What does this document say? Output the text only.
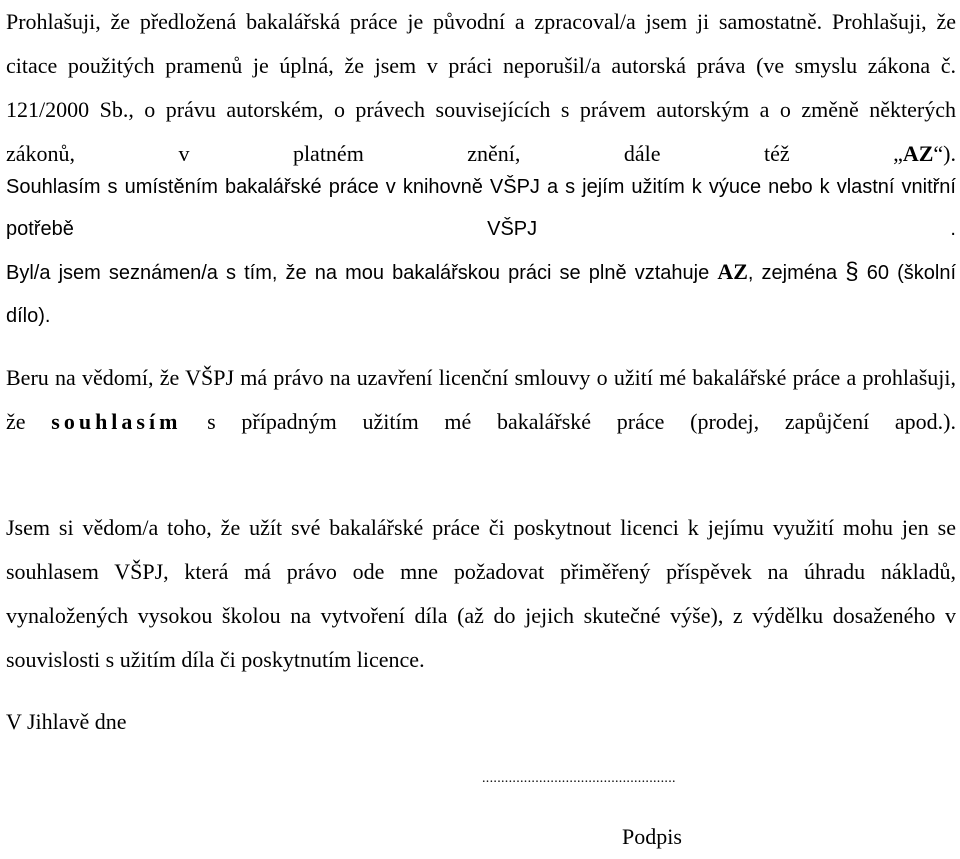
Prohlašuji, že předložená bakalářská práce je původní a zpracoval/a jsem ji samostatně. Prohlašuji, že citace použitých pramenů je úplná, že jsem v práci neporušil/a autorská práva (ve smyslu zákona č. 121/2000 Sb., o právu autorském, o právech souvisejících s právem autorským a o změně některých zákonů, v platném znění, dále též „AZ“).

Souhlasím s umístěním bakalářské práce v knihovně VŠPJ a s jejím užitím k výuce nebo k vlastní vnitřní potřebě VŠPJ .

Byl/a jsem seznámen/a s tím, že na mou bakalářskou práci se plně vztahuje AZ, zejména § 60 (školní dílo).

Beru na vědomí, že VŠPJ má právo na uzavření licenční smlouvy o užití mé bakalářské práce a prohlašuji, že souhlasím s případným užitím mé bakalářské práce (prodej, zapůjčení apod.).

Jsem si vědom/a toho, že užít své bakalářské práce či poskytnout licenci k jejímu využití mohu jen se souhlasem VŠPJ, která má právo ode mne požadovat přiměřený příspěvek na úhradu nákladů, vynaložených vysokou školou na vytvoření díla (až do jejich skutečné výše), z výdělku dosaženého v souvislosti s užitím díla či poskytnutím licence.

V Jihlavě dne

...................................................
Podpis
